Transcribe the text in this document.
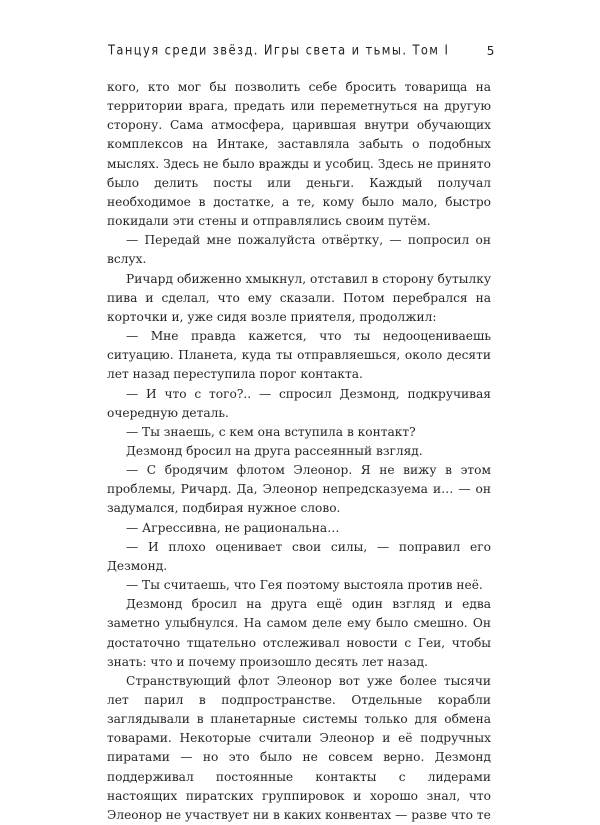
Танцуя среди звёзд. Игры света и тьмы. Том I	5

кого, кто мог бы позволить себе бросить товарища на территории врага, предать или переметнуться на другую сторону. Сама атмосфера, царившая внутри обучающих комплексов на Интаке, заставляла забыть о подобных мыслях. Здесь не было вражды и усобиц. Здесь не принято было делить посты или деньги. Каждый получал необходимое в достатке, а те, кому было мало, быстро покидали эти стены и отправлялись своим путём.

— Передай мне пожалуйста отвёртку, — попросил он вслух.

Ричард обиженно хмыкнул, отставил в сторону бутылку пива и сделал, что ему сказали. Потом перебрался на корточки и, уже сидя возле приятеля, продолжил:

— Мне правда кажется, что ты недооцениваешь ситуацию. Планета, куда ты отправляешься, около десяти лет назад переступила порог контакта.

— И что с того?.. — спросил Дезмонд, подкручивая очередную деталь.

— Ты знаешь, с кем она вступила в контакт?

Дезмонд бросил на друга рассеянный взгляд.

— С бродячим флотом Элеонор. Я не вижу в этом проблемы, Ричард. Да, Элеонор непредсказуема и… — он задумался, подбирая нужное слово.

— Агрессивна, не рациональна…

— И плохо оценивает свои силы, — поправил его Дезмонд.

— Ты считаешь, что Гея поэтому выстояла против неё.

Дезмонд бросил на друга ещё один взгляд и едва заметно улыбнулся. На самом деле ему было смешно. Он достаточно тщательно отслеживал новости с Геи, чтобы знать: что и почему произошло десять лет назад.

Странствующий флот Элеонор вот уже более тысячи лет парил в подпространстве. Отдельные корабли заглядывали в планетарные системы только для обмена товарами. Некоторые считали Элеонор и её подручных пиратами — но это было не совсем верно. Дезмонд поддерживал постоянные контакты с лидерами настоящих пиратских группировок и хорошо знал, что Элеонор не участвует ни в каких конвентах — разве что те
